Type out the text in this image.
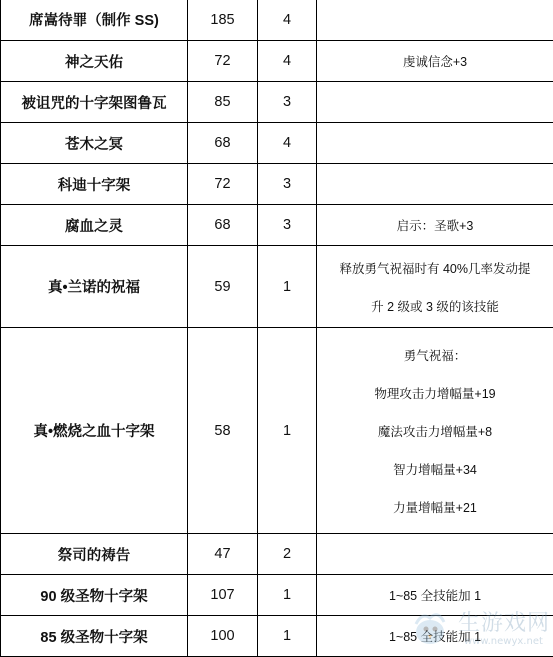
席嵩待罪（制作 SS)	185	4	
神之天佑	72	4	虔诚信念+3

被诅咒的十字架图鲁瓦	85	3	
苍木之冥	68	4	
科迪十字架	72	3	
腐血之灵	68	3	启示：圣歌+3

真•兰诺的祝福	59	1	释放勇气祝福时有 40%几率发动提
升 2 级或 3 级的该技能

真•燃烧之血十字架	58	1	勇气祝福：
物理攻击力增幅量+19
魔法攻击力增幅量+8
智力增幅量+34
力量增幅量+21

祭司的祷告	47	2	
90 级圣物十字架	107	1	1~85 全技能加 1

85 级圣物十字架	100	1	1~85 全技能加 1
生游戏网
www.newyx.net
